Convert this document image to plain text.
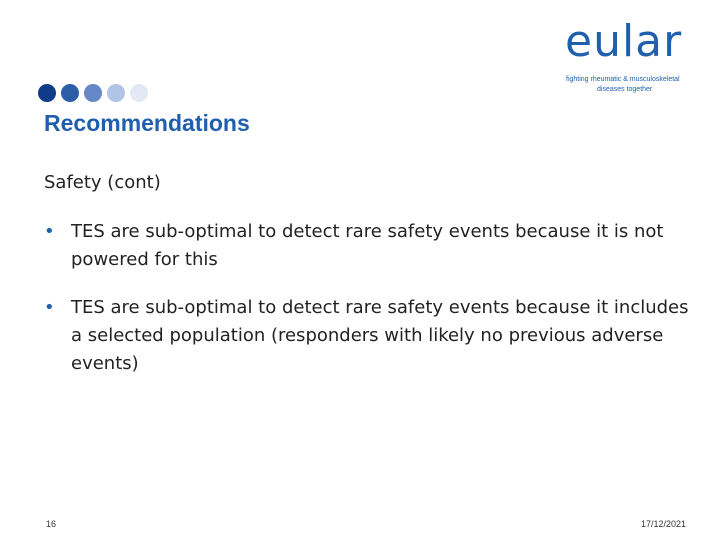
eular
fighting rheumatic & musculoskeletal
diseases together
Recommendations
Safety (cont)
• TES are sub-optimal to detect rare safety events because it is not powered for this
• TES are sub-optimal to detect rare safety events because it includes a selected population (responders with likely no previous adverse events)
16	17/12/2021
